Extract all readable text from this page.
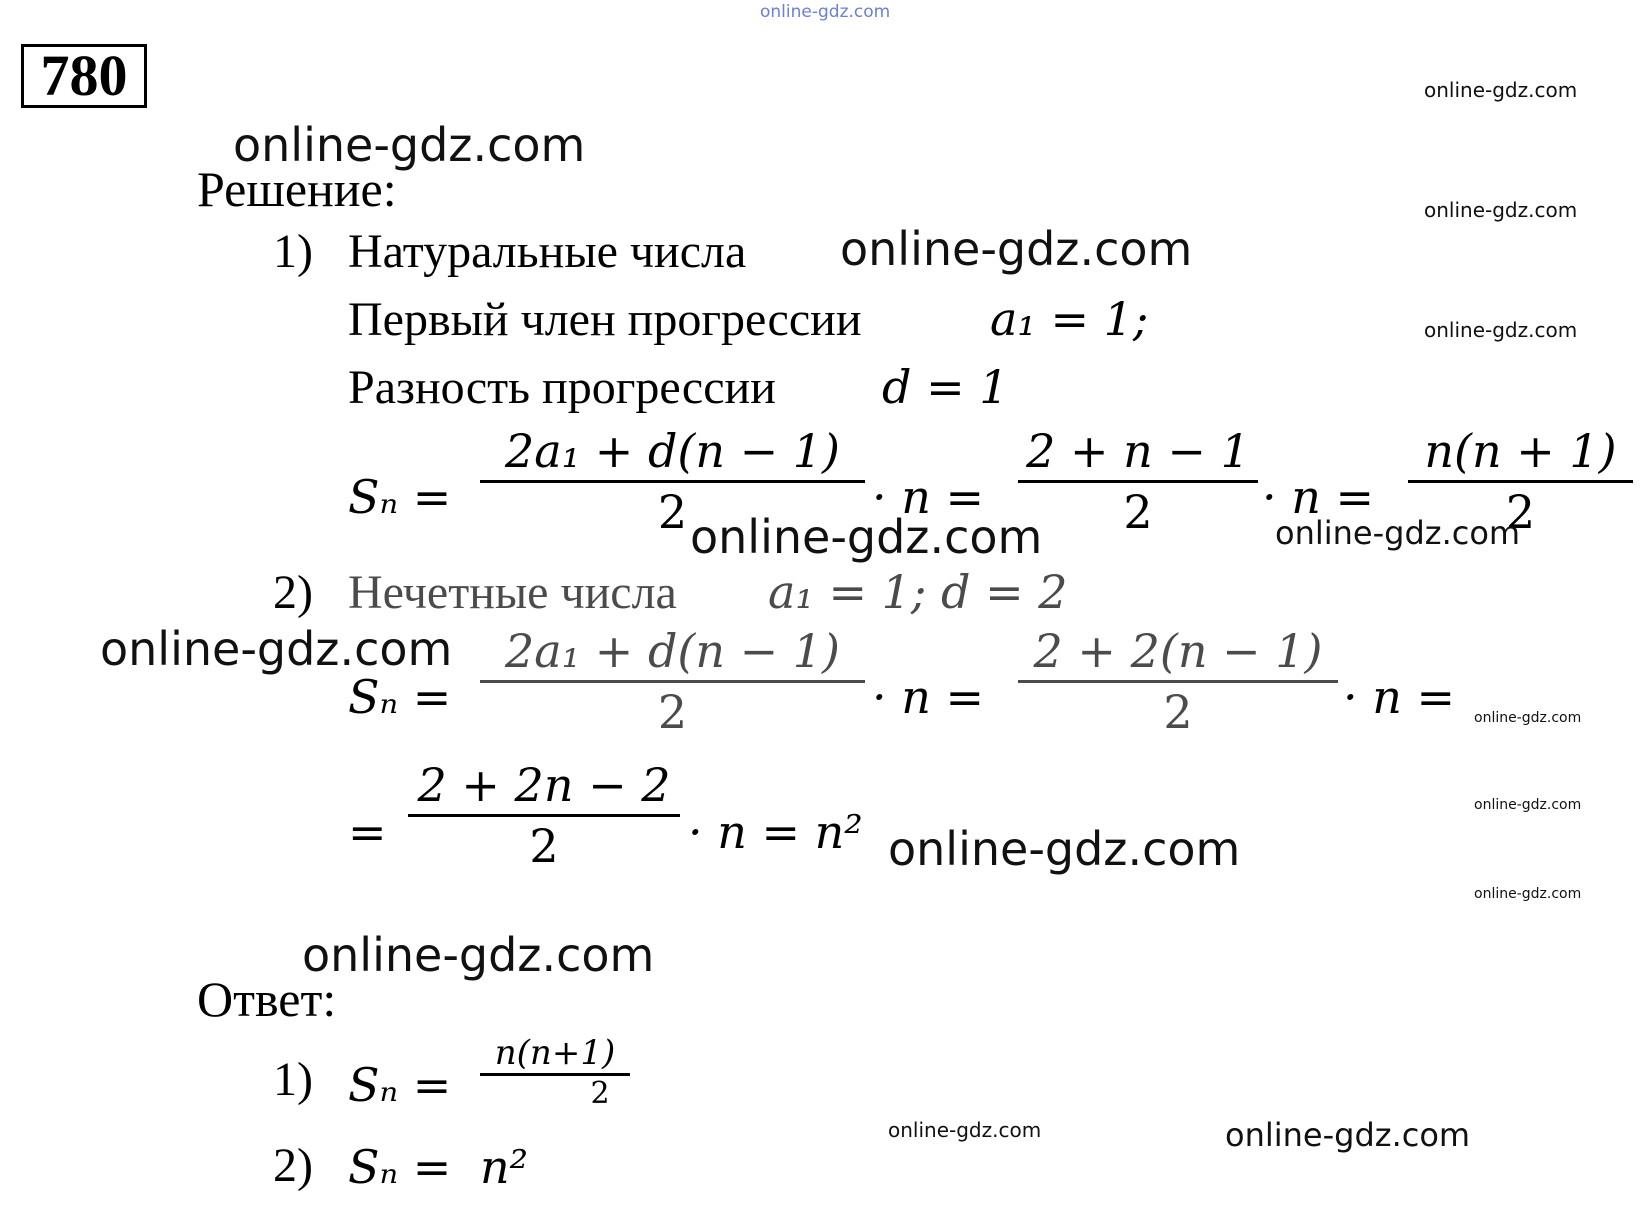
online-gdz.com
780	online-gdz.com
online-gdz.com
online-gdz.com
online-gdz.com
Решение:
1) Натуральные числа online-gdz.com
Первый член прогрессии	a₁ = 1;
Разность прогрессии d = 1
Sₙ =
2a₁ + d(n − 1)
2	· n =
2 + n − 1
2	· n =
n(n + 1)
2
online-gdz.com	online-gdz.com
2) Нечетные числа a₁ = 1; d = 2
online-gdz.com
Sₙ =
2a₁ + d(n − 1)
2	· n =
2 + 2(n − 1)
2	· n = online-gdz.com
=
2 + 2n − 2
2	· n = n² online-gdz.com
online-gdz.com
online-gdz.com
online-gdz.com
Ответ:
1) Sₙ =
n(n+1)
2
2) Sₙ = n²
online-gdz.com	online-gdz.com
